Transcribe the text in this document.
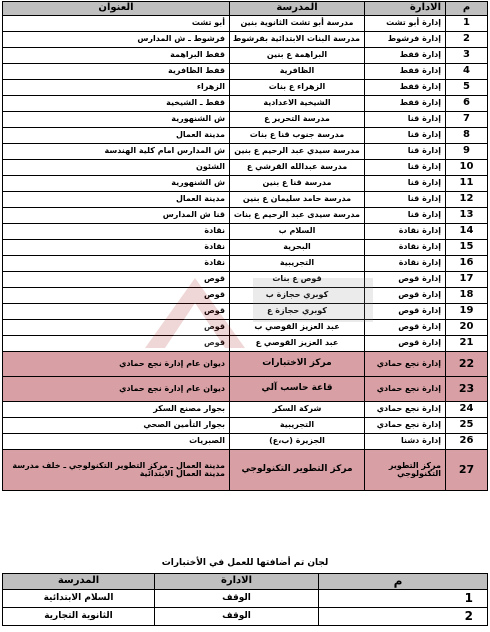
م	الادارة	المدرسة	العنوان
1	إدارة أبو تشت	مدرسة أبو تشت الثانوية بنين	أبو تشت
2	إدارة فرشوط	مدرسة البنات الابتدائية بفرشوط	فرشوط ـ ش المدارس
3	إدارة قفط	البراهمة ع بنين	قفط البراهمة
4	إدارة قفط	الظافرية	قفط الظافرية
5	إدارة قفط	الزهراء ع بنات	الزهراء
6	إدارة قفط	الشيخية الاعدادية	قفط ـ الشيخية
7	إدارة قنا	مدرسة التحرير ع	ش الشنهورية
8	إدارة قنا	مدرسة جنوب قنا ع بنات	مدينة العمال
9	إدارة قنا	مدرسة سيدي عبد الرحيم ع بنين	ش المدارس امام كلية الهندسة
10	إدارة قنا	مدرسة عبدالله القرشي ع	الشئون
11	إدارة قنا	مدرسة قنا ع بنين	ش الشنهورية
12	إدارة قنا	مدرسة حامد سليمان ع بنين	مدينة العمال
13	إدارة قنا	مدرسة سيدى عبد الرحيم ع بنات	قنا ش المدارس
14	إدارة نقادة	السلام ب	نقادة
15	إدارة نقادة	البحرية	نقادة
16	إدارة نقادة	التجريبية	نقادة
17	إدارة قوص	قوص ع بنات	قوص
18	إدارة قوص	كوبري حجازة ب	قوص
19	إدارة قوص	كوبري حجازة ع	قوص
20	إدارة قوص	عبد العزيز القوصي ب	قوص
21	إدارة قوص	عبد العزيز القوصي ع	قوص
22	إدارة نجع حمادي	مركز الاختبارات	ديوان عام إدارة نجع حمادي
23	إدارة نجع حمادي	قاعة حاسب آلي	ديوان عام إدارة نجع حمادي
24	إدارة نجع حمادي	شركة السكر	بجوار مصنع السكر
25	إدارة نجع حمادي	التجريبية	بجوار التأمين الصحي
26	إدارة دشنا	الجزيرة (ب،ع)	الصبريات
27	مركز التطوير التكنولوجي	مركز التطوير التكنولوجي	مدينة العمال ـ مركز التطوير التكنولوجي ـ خلف مدرسة مدينة العمال الابتدائية
لجان تم أضافتها للعمل في الأختبارات
م	الادارة	المدرسة
1	الوقف	السلام الابتدائية
2	الوقف	الثانوية التجارية
